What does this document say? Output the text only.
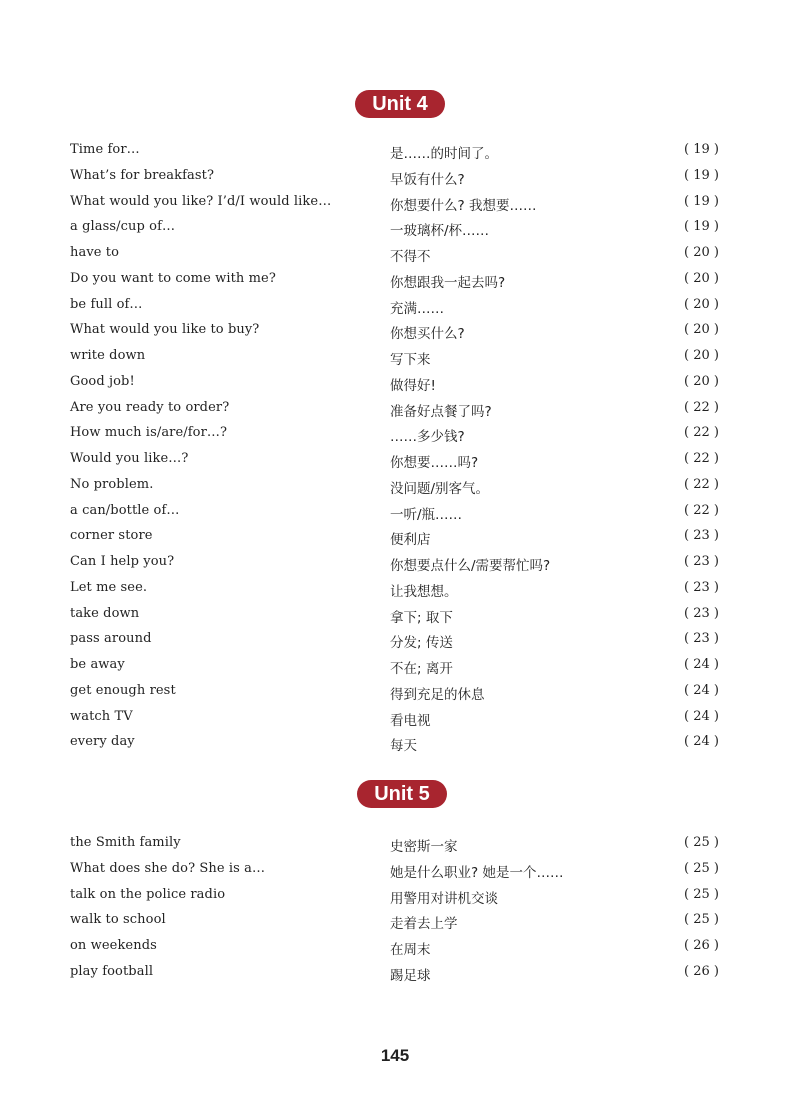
Unit 4
Time for…	是……的时间了。	( 19 )
What’s for breakfast?	早饭有什么?	( 19 )
What would you like? I’d/I would like…	你想要什么? 我想要……	( 19 )
a glass/cup of…	一玻璃杯/杯……	( 19 )
have to	不得不	( 20 )
Do you want to come with me?	你想跟我一起去吗?	( 20 )
be full of…	充满……	( 20 )
What would you like to buy?	你想买什么?	( 20 )
write down	写下来	( 20 )
Good job!	做得好!	( 20 )
Are you ready to order?	准备好点餐了吗?	( 22 )
How much is/are/for…?	……多少钱?	( 22 )
Would you like…?	你想要……吗?	( 22 )
No problem.	没问题/别客气。	( 22 )
a can/bottle of…	一听/瓶……	( 22 )
corner store	便利店	( 23 )
Can I help you?	你想要点什么/需要帮忙吗?	( 23 )
Let me see.	让我想想。	( 23 )
take down	拿下; 取下	( 23 )
pass around	分发; 传送	( 23 )
be away	不在; 离开	( 24 )
get enough rest	得到充足的休息	( 24 )
watch TV	看电视	( 24 )
every day	每天	( 24 )
Unit 5
the Smith family	史密斯一家	( 25 )
What does she do? She is a…	她是什么职业? 她是一个……	( 25 )
talk on the police radio	用警用对讲机交谈	( 25 )
walk to school	走着去上学	( 25 )
on weekends	在周末	( 26 )
play football	踢足球	( 26 )
145
